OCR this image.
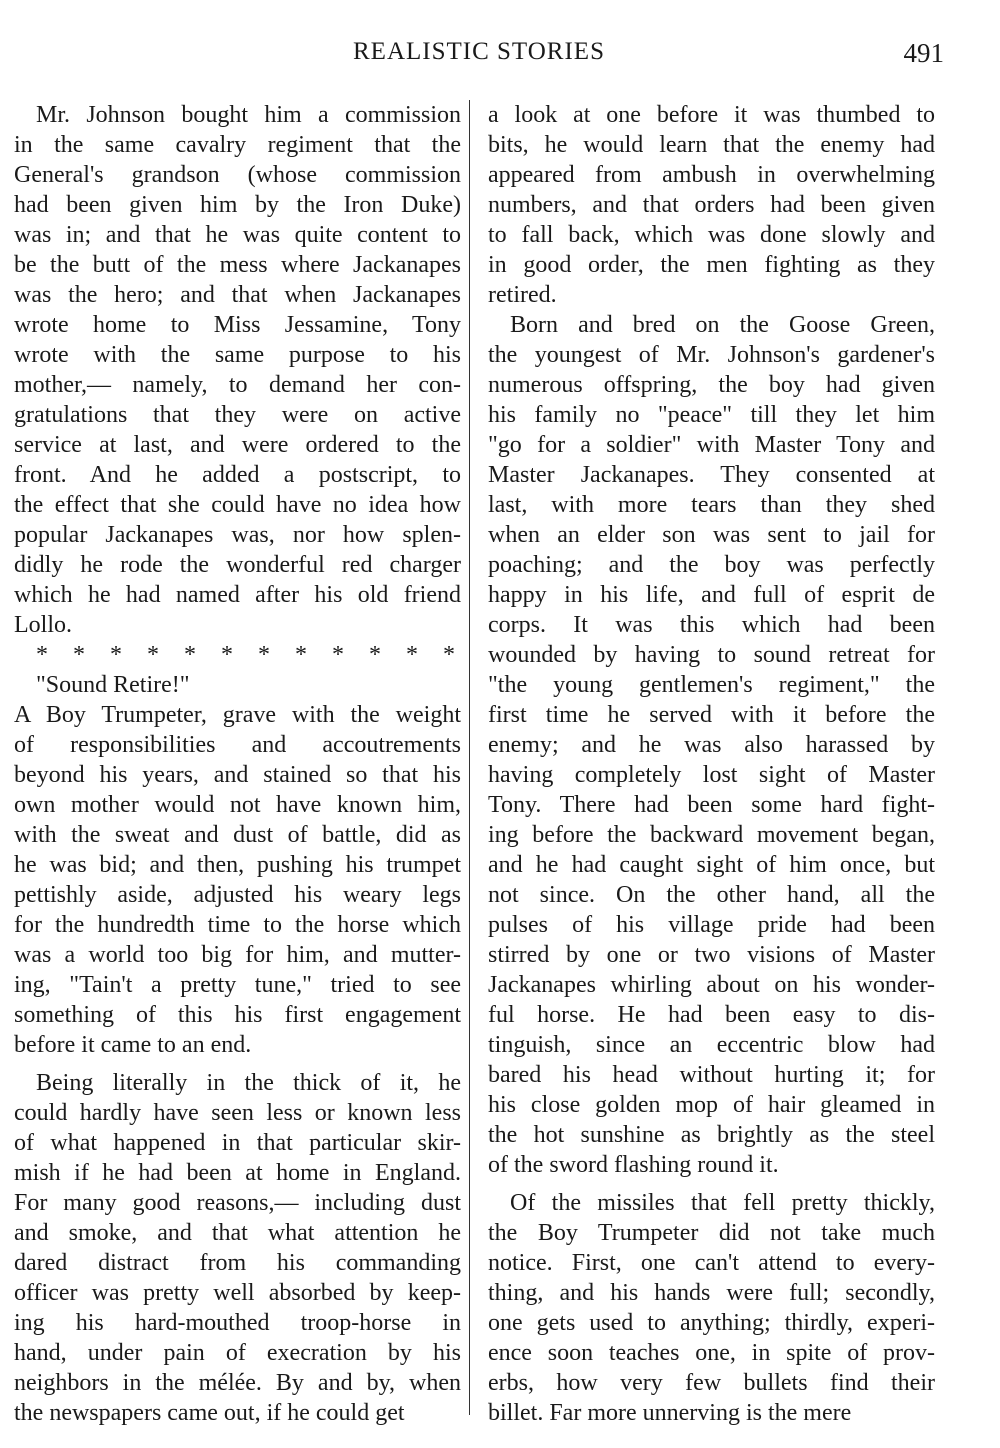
REALISTIC STORIES	491
Mr. Johnson bought him a commission
in the same cavalry regiment that the
General's grandson (whose commission
had been given him by the Iron Duke)
was in; and that he was quite content to
be the butt of the mess where Jackanapes
was the hero; and that when Jackanapes
wrote home to Miss Jessamine, Tony
wrote with the same purpose to his
mother,— namely, to demand her con-
gratulations that they were on active
service at last, and were ordered to the
front. And he added a postscript, to
the effect that she could have no idea how
popular Jackanapes was, nor how splen-
didly he rode the wonderful red charger
which he had named after his old friend
Lollo.
* * * * * * * * * * * *
"Sound Retire!"
A Boy Trumpeter, grave with the weight
of responsibilities and accoutrements
beyond his years, and stained so that his
own mother would not have known him,
with the sweat and dust of battle, did as
he was bid; and then, pushing his trumpet
pettishly aside, adjusted his weary legs
for the hundredth time to the horse which
was a world too big for him, and mutter-
ing, "Tain't a pretty tune," tried to see
something of this his first engagement
before it came to an end.
Being literally in the thick of it, he
could hardly have seen less or known less
of what happened in that particular skir-
mish if he had been at home in England.
For many good reasons,— including dust
and smoke, and that what attention he
dared distract from his commanding
officer was pretty well absorbed by keep-
ing his hard-mouthed troop-horse in
hand, under pain of execration by his
neighbors in the mélée. By and by, when
the newspapers came out, if he could get
a look at one before it was thumbed to
bits, he would learn that the enemy had
appeared from ambush in overwhelming
numbers, and that orders had been given
to fall back, which was done slowly and
in good order, the men fighting as they
retired.
Born and bred on the Goose Green,
the youngest of Mr. Johnson's gardener's
numerous offspring, the boy had given
his family no "peace" till they let him
"go for a soldier" with Master Tony and
Master Jackanapes. They consented at
last, with more tears than they shed
when an elder son was sent to jail for
poaching; and the boy was perfectly
happy in his life, and full of esprit de
corps. It was this which had been
wounded by having to sound retreat for
"the young gentlemen's regiment," the
first time he served with it before the
enemy; and he was also harassed by
having completely lost sight of Master
Tony. There had been some hard fight-
ing before the backward movement began,
and he had caught sight of him once, but
not since. On the other hand, all the
pulses of his village pride had been
stirred by one or two visions of Master
Jackanapes whirling about on his wonder-
ful horse. He had been easy to dis-
tinguish, since an eccentric blow had
bared his head without hurting it; for
his close golden mop of hair gleamed in
the hot sunshine as brightly as the steel
of the sword flashing round it.
Of the missiles that fell pretty thickly,
the Boy Trumpeter did not take much
notice. First, one can't attend to every-
thing, and his hands were full; secondly,
one gets used to anything; thirdly, experi-
ence soon teaches one, in spite of prov-
erbs, how very few bullets find their
billet. Far more unnerving is the mere
